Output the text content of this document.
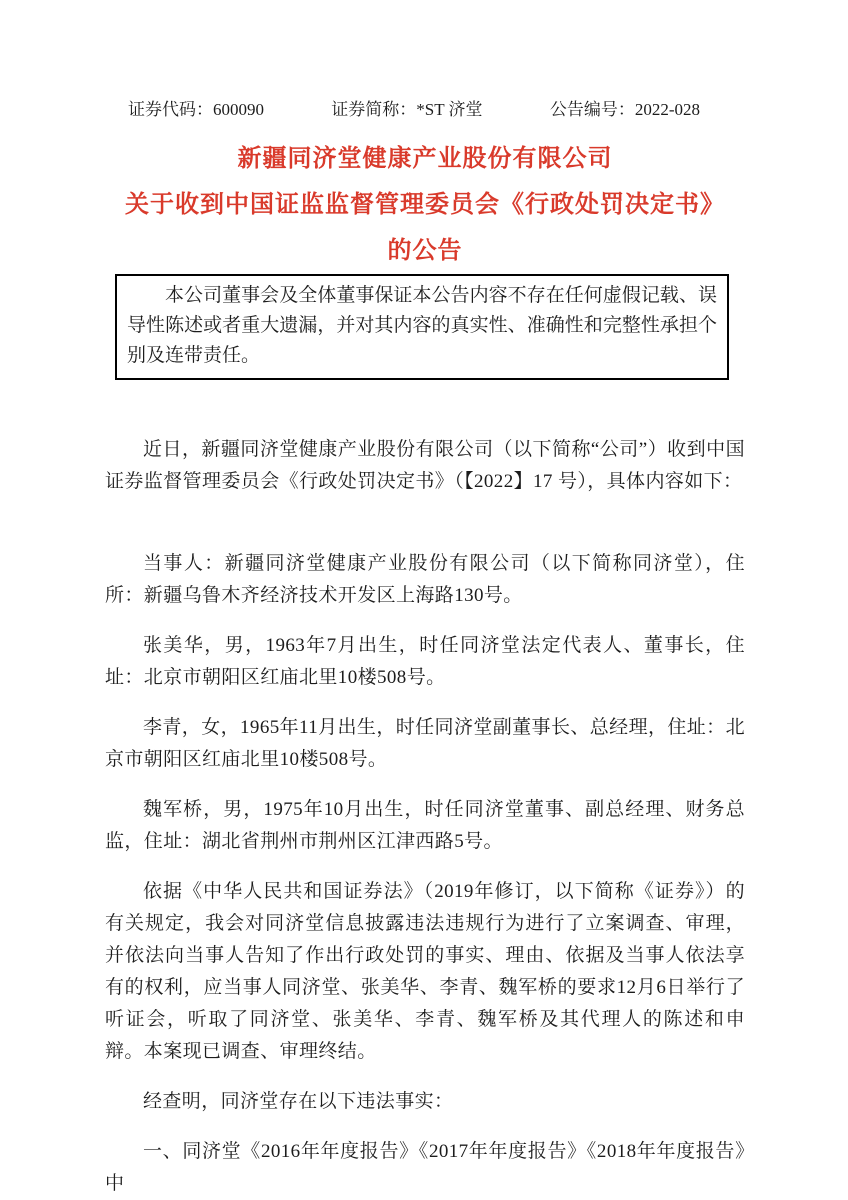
证券代码：600090	证券简称：*ST 济堂	公告编号：2022-028
新疆同济堂健康产业股份有限公司
关于收到中国证监监督管理委员会《行政处罚决定书》
的公告
本公司董事会及全体董事保证本公告内容不存在任何虚假记载、误导性陈述或者重大遗漏，并对其内容的真实性、准确性和完整性承担个别及连带责任。

近日，新疆同济堂健康产业股份有限公司（以下简称“公司”）收到中国证券监督管理委员会《行政处罚决定书》（【2022】17 号），具体内容如下：

当事人：新疆同济堂健康产业股份有限公司（以下简称同济堂），住所：新疆乌鲁木齐经济技术开发区上海路130号。

张美华，男，1963年7月出生，时任同济堂法定代表人、董事长，住址：北京市朝阳区红庙北里10楼508号。

李青，女，1965年11月出生，时任同济堂副董事长、总经理，住址：北京市朝阳区红庙北里10楼508号。

魏军桥，男，1975年10月出生，时任同济堂董事、副总经理、财务总监，住址：湖北省荆州市荆州区江津西路5号。

依据《中华人民共和国证券法》（2019年修订，以下简称《证券》）的有关规定，我会对同济堂信息披露违法违规行为进行了立案调查、审理，并依法向当事人告知了作出行政处罚的事实、理由、依据及当事人依法享有的权利，应当事人同济堂、张美华、李青、魏军桥的要求12月6日举行了听证会，听取了同济堂、张美华、李青、魏军桥及其代理人的陈述和申辩。本案现已调查、审理终结。

经查明，同济堂存在以下违法事实：

一、同济堂《2016年年度报告》《2017年年度报告》《2018年年度报告》中
